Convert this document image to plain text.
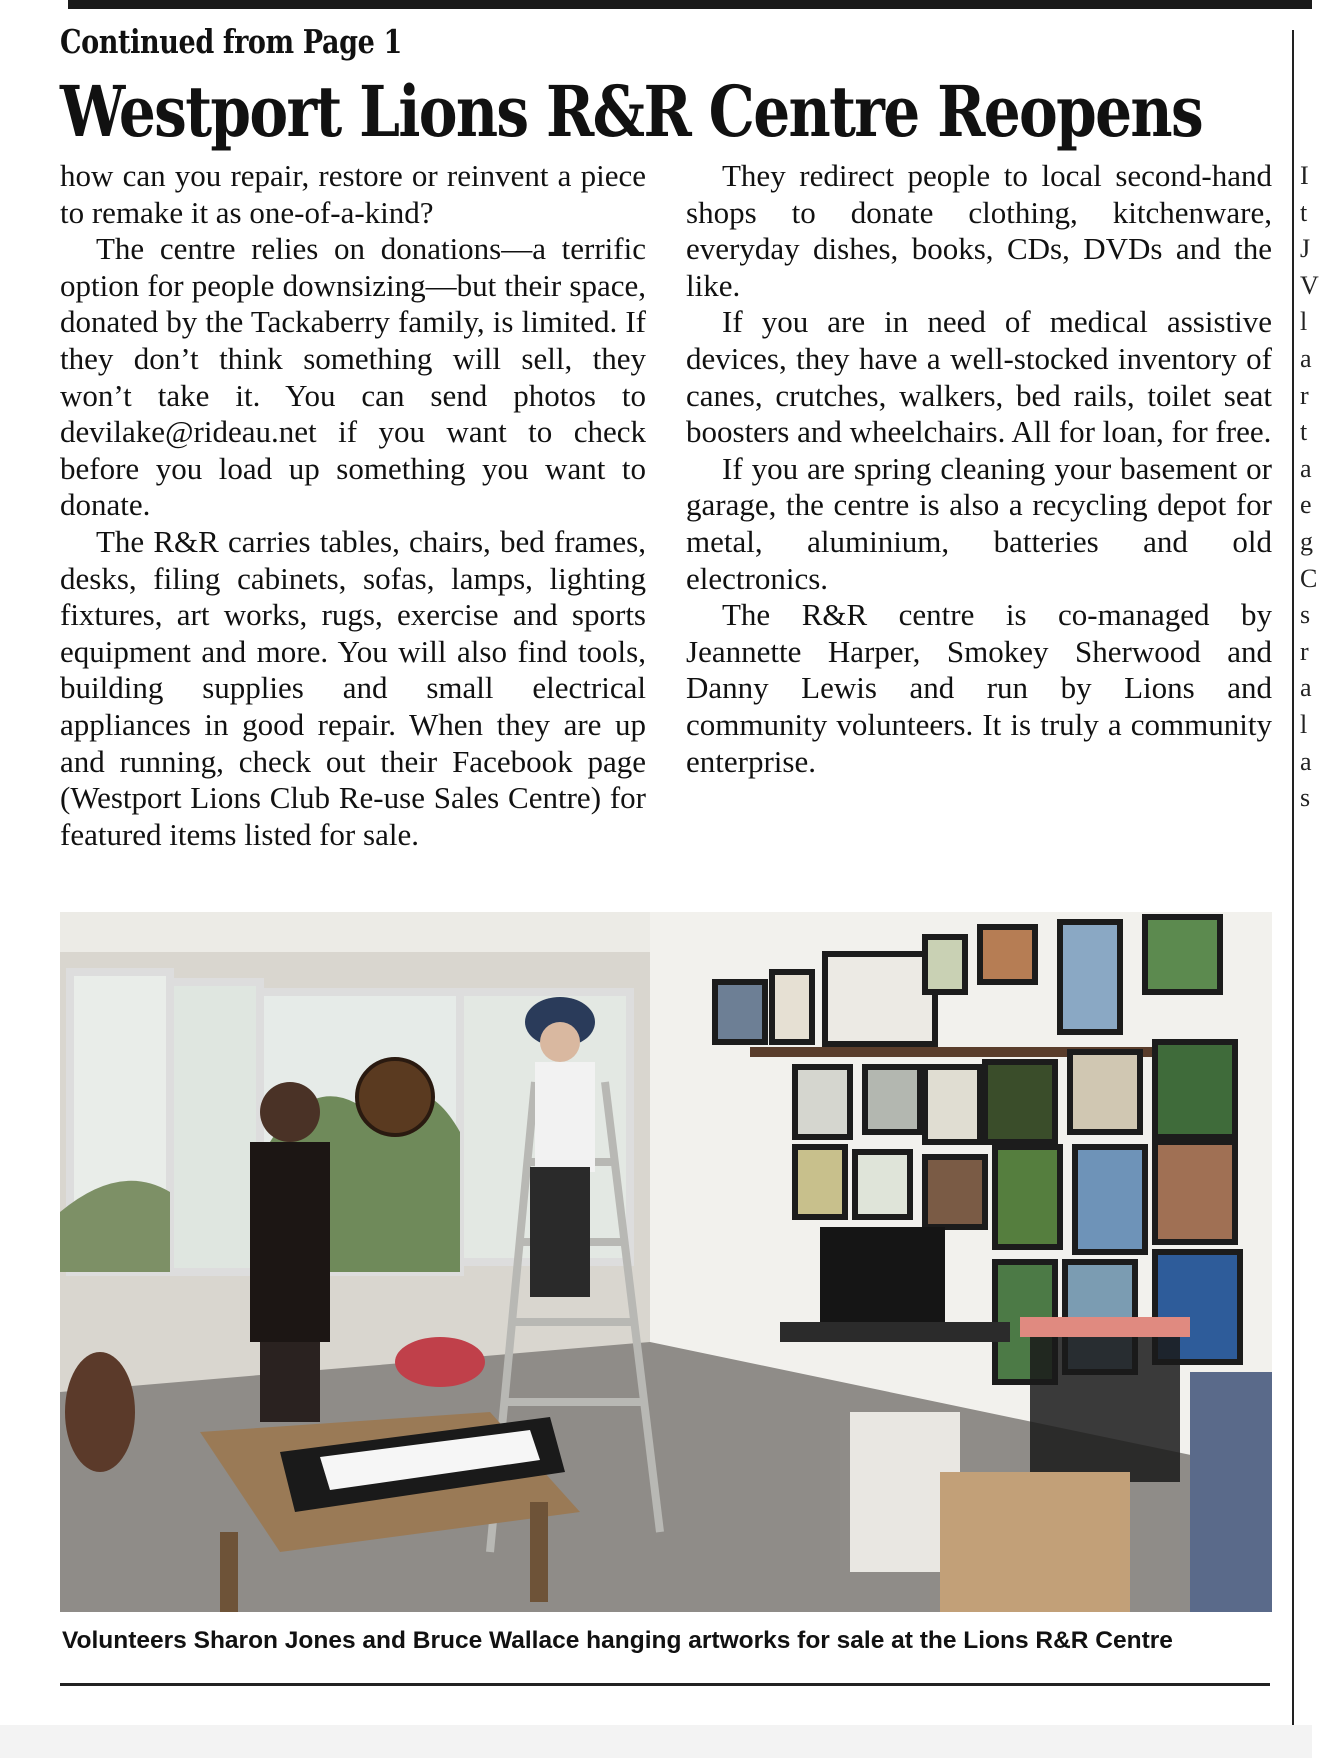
Continued from Page 1
Westport Lions R&R Centre Reopens

how can you repair, restore or reinvent a piece to remake it as one-of-a-kind?

The centre relies on donations—a terrific option for people downsizing—but their space, donated by the Tackaberry family, is limited. If they don’t think something will sell, they won’t take it. You can send photos to devilake@rideau.net if you want to check before you load up something you want to donate.

The R&R carries tables, chairs, bed frames, desks, filing cabinets, sofas, lamps, lighting fixtures, art works, rugs, exercise and sports equipment and more. You will also find tools, building supplies and small electrical appliances in good repair. When they are up and running, check out their Facebook page (Westport Lions Club Re-use Sales Centre) for featured items listed for sale.

They redirect people to local second-hand shops to donate clothing, kitchenware, everyday dishes, books, CDs, DVDs and the like.

If you are in need of medical assistive devices, they have a well-stocked inventory of canes, crutches, walkers, bed rails, toilet seat boosters and wheelchairs. All for loan, for free.

If you are spring cleaning your basement or garage, the centre is also a recycling depot for metal, aluminium, batteries and old electronics.

The R&R centre is co-managed by Jeannette Harper, Smokey Sherwood and Danny Lewis and run by Lions and community volunteers. It is truly a community enterprise.

I
t
J
V
l
a
r
t
a
e
g
C
s
r
a
l
a
s
Volunteers Sharon Jones and Bruce Wallace hanging artworks for sale at the Lions R&R Centre
